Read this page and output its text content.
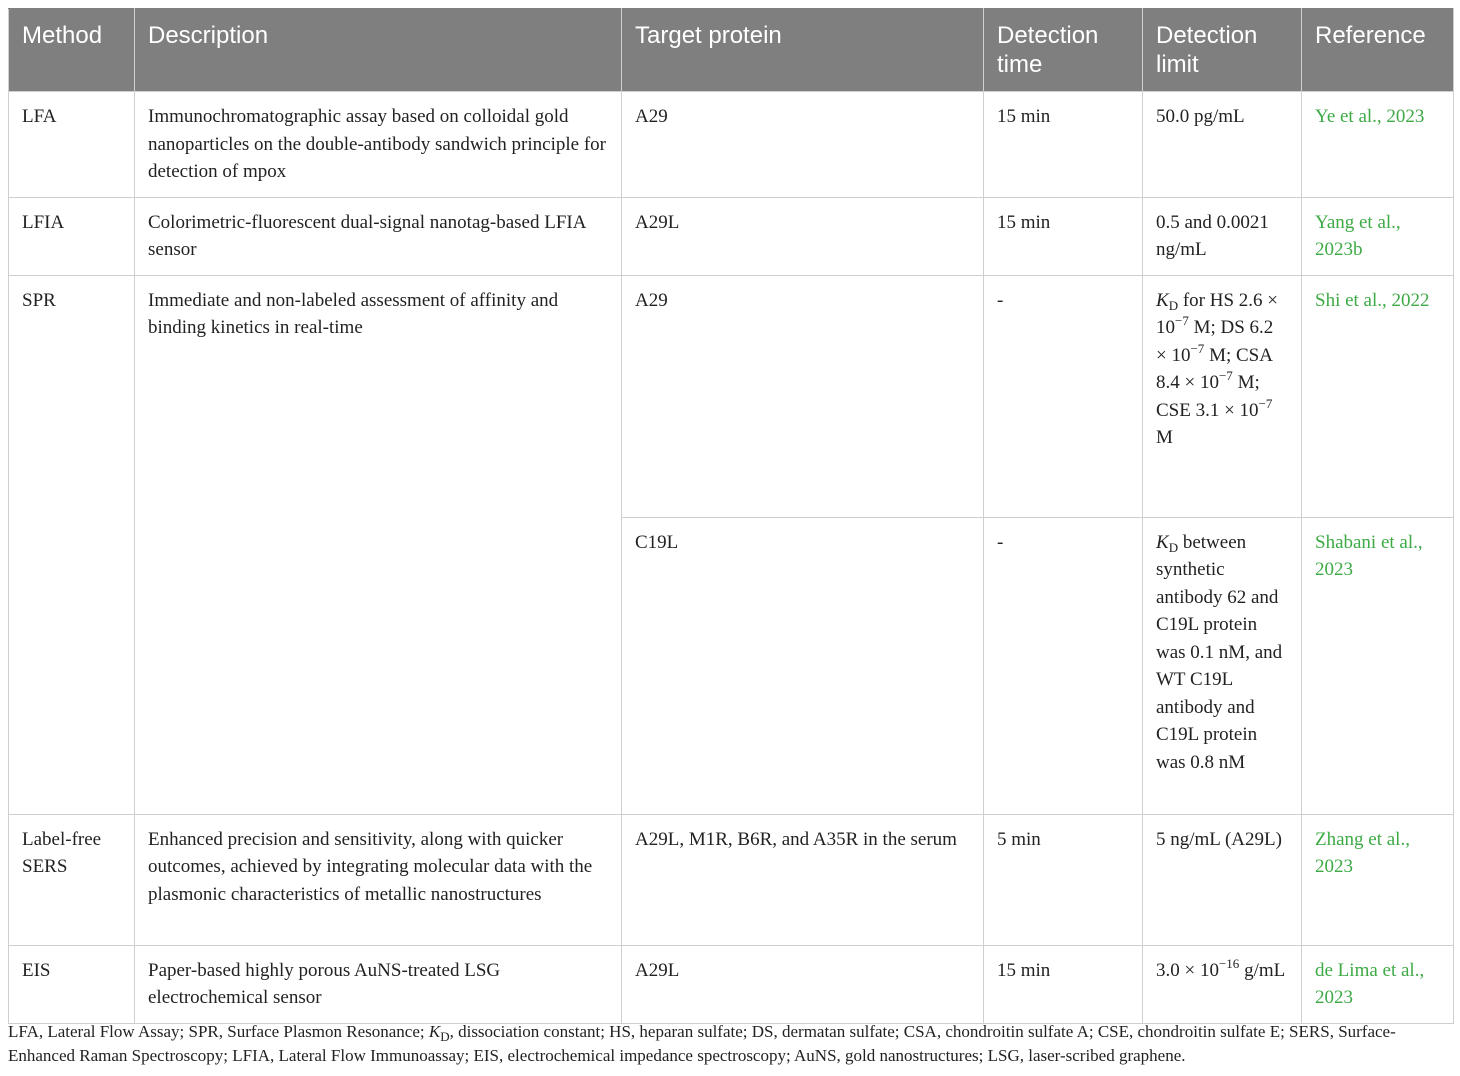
Method	Description	Target protein	Detection time	Detection limit	Reference
LFA	Immunochromatographic assay based on colloidal gold nanoparticles on the double-antibody sandwich principle for detection of mpox	A29	15 min	50.0 pg/mL	Ye et al., 2023
LFIA	Colorimetric-fluorescent dual-signal nanotag-based LFIA sensor	A29L	15 min	0.5 and 0.0021 ng/mL	Yang et al., 2023b
SPR	Immediate and non-labeled assessment of affinity and binding kinetics in real-time	A29	-	$K_D$ for HS $2.6 \times 10^{-7}$ M; DS $6.2 \times 10^{-7}$ M; CSA $8.4 \times 10^{-7}$ M; CSE $3.1 \times 10^{-7}$ M	Shi et al., 2022
		C19L	-	$K_D$ between synthetic antibody 62 and C19L protein was 0.1 nM, and WT C19L antibody and C19L protein was 0.8 nM	Shabani et al., 2023
Label-free SERS	Enhanced precision and sensitivity, along with quicker outcomes, achieved by integrating molecular data with the plasmonic characteristics of metallic nanostructures	A29L, M1R, B6R, and A35R in the serum	5 min	5 ng/mL (A29L)	Zhang et al., 2023
EIS	Paper-based highly porous AuNS-treated LSG electrochemical sensor	A29L	15 min	$3.0 \times 10^{-16}$ g/mL	de Lima et al., 2023
LFA, Lateral Flow Assay; SPR, Surface Plasmon Resonance; $K_D$, dissociation constant; HS, heparan sulfate; DS, dermatan sulfate; CSA, chondroitin sulfate A; CSE, chondroitin sulfate E; SERS, Surface-Enhanced Raman Spectroscopy; LFIA, Lateral Flow Immunoassay; EIS, electrochemical impedance spectroscopy; AuNS, gold nanostructures; LSG, laser-scribed graphene.
